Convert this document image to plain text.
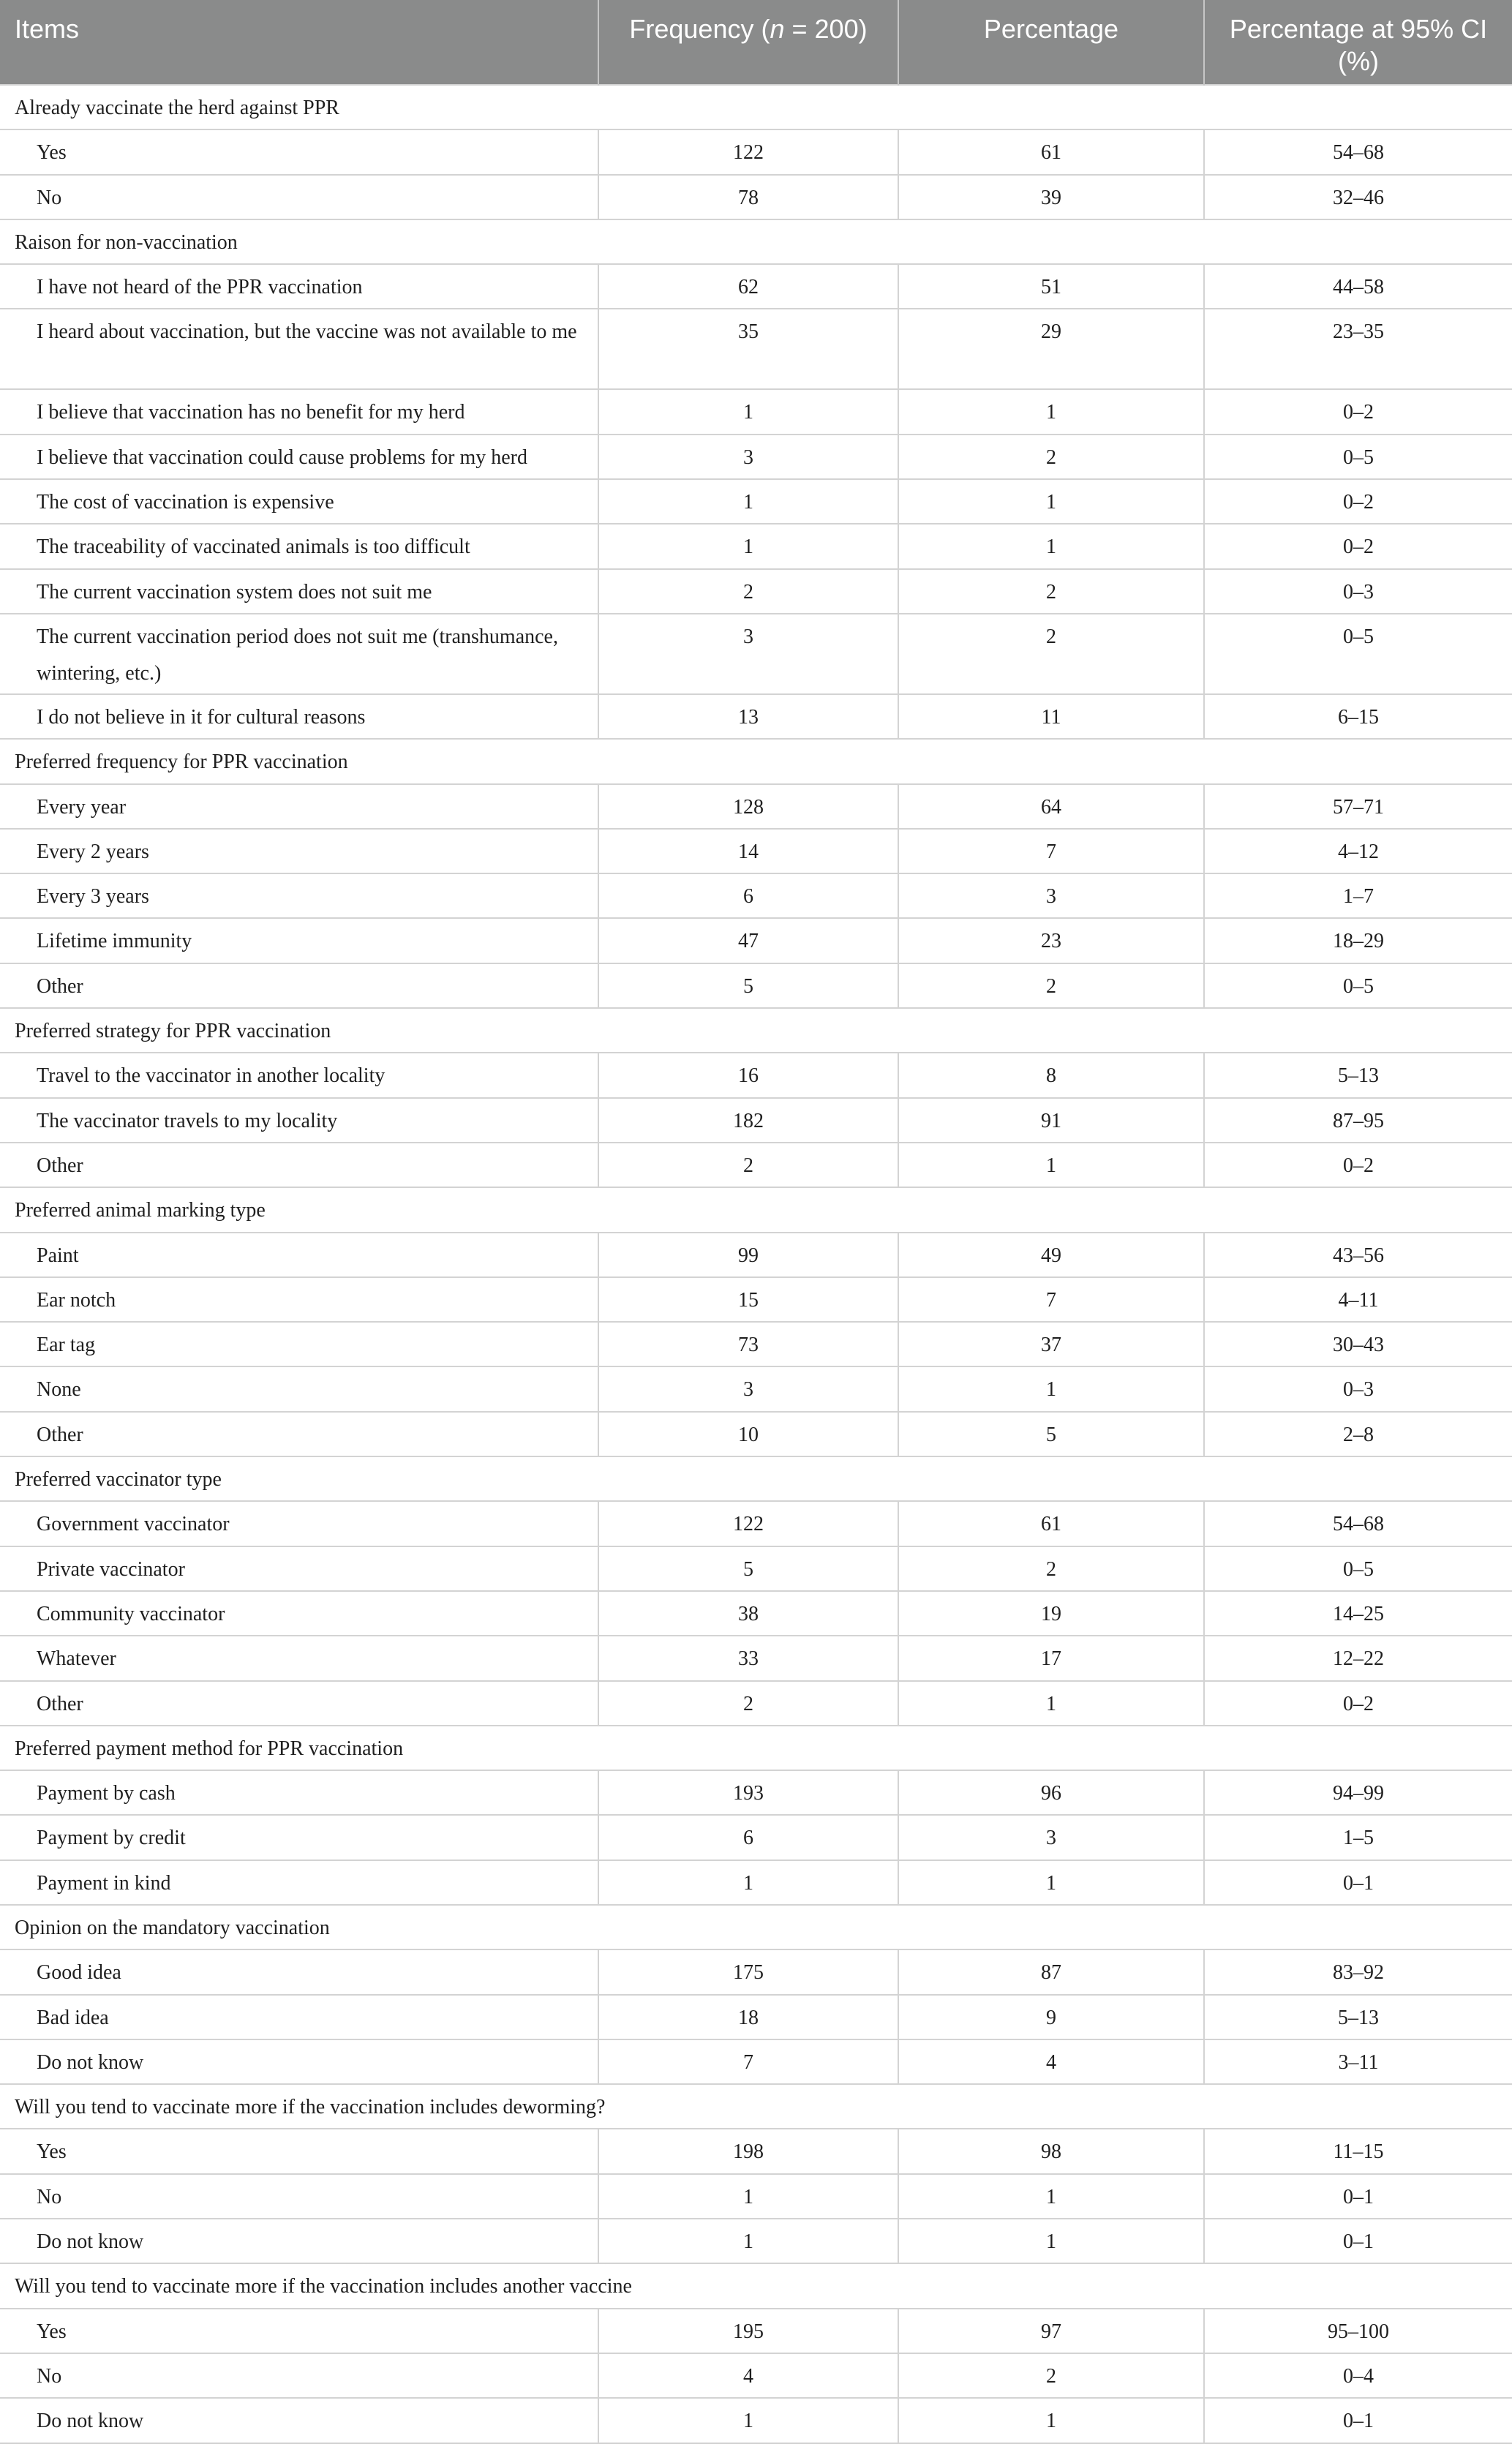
Items	Frequency (n = 200)	Percentage	Percentage at 95% CI (%)
Already vaccinate the herd against PPR			
Yes	122	61	54–68
No	78	39	32–46
Raison for non-vaccination			
I have not heard of the PPR vaccination	62	51	44–58
I heard about vaccination, but the vaccine was not available to me	35	29	23–35
I believe that vaccination has no benefit for my herd	1	1	0–2
I believe that vaccination could cause problems for my herd	3	2	0–5
The cost of vaccination is expensive	1	1	0–2
The traceability of vaccinated animals is too difficult	1	1	0–2
The current vaccination system does not suit me	2	2	0–3
The current vaccination period does not suit me (transhumance, wintering, etc.)	3	2	0–5
I do not believe in it for cultural reasons	13	11	6–15
Preferred frequency for PPR vaccination			
Every year	128	64	57–71
Every 2 years	14	7	4–12
Every 3 years	6	3	1–7
Lifetime immunity	47	23	18–29
Other	5	2	0–5
Preferred strategy for PPR vaccination			
Travel to the vaccinator in another locality	16	8	5–13
The vaccinator travels to my locality	182	91	87–95
Other	2	1	0–2
Preferred animal marking type			
Paint	99	49	43–56
Ear notch	15	7	4–11
Ear tag	73	37	30–43
None	3	1	0–3
Other	10	5	2–8
Preferred vaccinator type			
Government vaccinator	122	61	54–68
Private vaccinator	5	2	0–5
Community vaccinator	38	19	14–25
Whatever	33	17	12–22
Other	2	1	0–2
Preferred payment method for PPR vaccination			
Payment by cash	193	96	94–99
Payment by credit	6	3	1–5
Payment in kind	1	1	0–1
Opinion on the mandatory vaccination			
Good idea	175	87	83–92
Bad idea	18	9	5–13
Do not know	7	4	3–11
Will you tend to vaccinate more if the vaccination includes deworming?			
Yes	198	98	11–15
No	1	1	0–1
Do not know	1	1	0–1
Will you tend to vaccinate more if the vaccination includes another vaccine			
Yes	195	97	95–100
No	4	2	0–4
Do not know	1	1	0–1
